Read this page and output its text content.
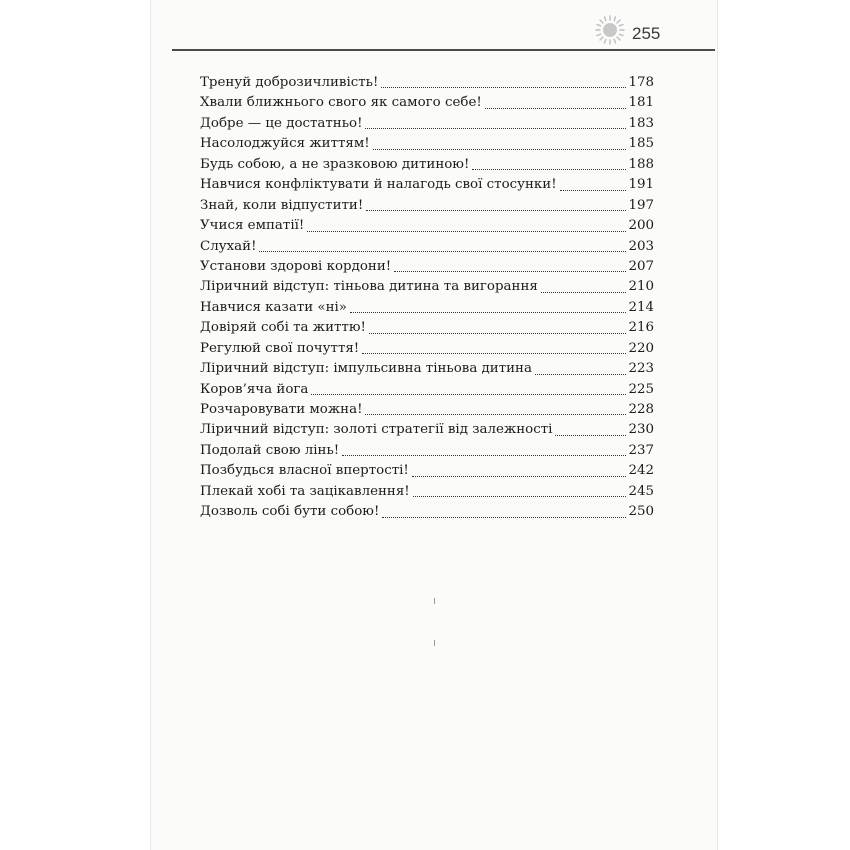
255
Тренуй доброзичливість!	178
Хвали ближнього свого як самого себе!	181
Добре — це достатньо!	183
Насолоджуйся життям!	185
Будь собою, а не зразковою дитиною!	188
Навчися конфліктувати й налагодь свої стосунки!	191
Знай, коли відпустити!	197
Учися емпатії!	200
Слухай!	203
Установи здорові кордони!	207
Ліричний відступ: тіньова дитина та вигорання	210
Навчися казати «ні»	214
Довіряй собі та життю!	216
Регулюй свої почуття!	220
Ліричний відступ: імпульсивна тіньова дитина	223
Коров’яча йога	225
Розчаровувати можна!	228
Ліричний відступ: золоті стратегії від залежності	230
Подолай свою лінь!	237
Позбудься власної впертості!	242
Плекай хобі та зацікавлення!	245
Дозволь собі бути собою!	250
